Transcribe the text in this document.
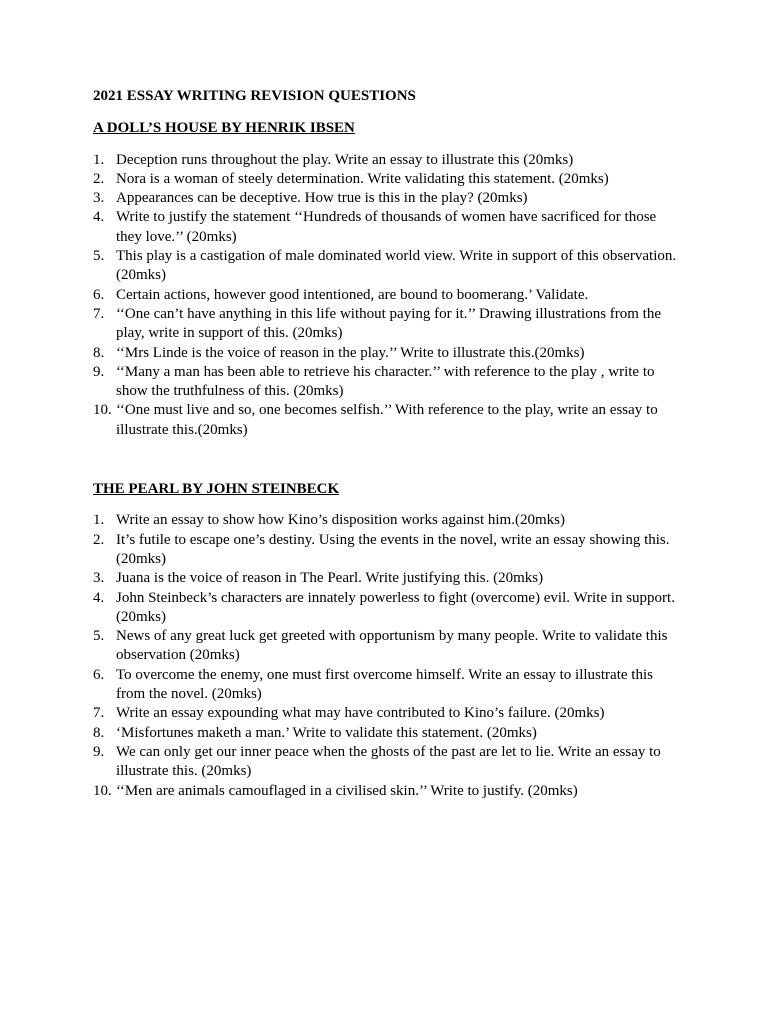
2021 ESSAY WRITING REVISION QUESTIONS
A DOLL’S HOUSE BY HENRIK IBSEN
1. Deception runs throughout the play. Write an essay to illustrate this (20mks)
2. Nora is a woman of steely determination. Write validating this statement. (20mks)
3. Appearances can be deceptive. How true is this in the play? (20mks)
4. Write to justify the statement ‘‘Hundreds of thousands of women have sacrificed for those they love.’’ (20mks)
5. This play is a castigation of male dominated world view. Write in support of this observation. (20mks)
6. Certain actions, however good intentioned, are bound to boomerang.’ Validate.
7. ‘‘One can’t have anything in this life without paying for it.’’ Drawing illustrations from the play, write in support of this. (20mks)
8. ‘‘Mrs Linde is the voice of reason in the play.’’ Write to illustrate this.(20mks)
9. ‘‘Many a man has been able to retrieve his character.’’ with reference to the play , write to show the truthfulness of this. (20mks)
10. ‘‘One must live and so, one becomes selfish.’’ With reference to the play, write an essay to illustrate this.(20mks)
THE PEARL BY JOHN STEINBECK
1. Write an essay to show how Kino’s disposition works against him.(20mks)
2. It’s futile to escape one’s destiny. Using the events in the novel, write an essay showing this. (20mks)
3. Juana is the voice of reason in The Pearl. Write justifying this. (20mks)
4. John Steinbeck’s characters are innately powerless to fight (overcome) evil. Write in support. (20mks)
5. News of any great luck get greeted with opportunism by many people. Write to validate this observation (20mks)
6. To overcome the enemy, one must first overcome himself. Write an essay to illustrate this from the novel. (20mks)
7. Write an essay expounding what may have contributed to Kino’s failure. (20mks)
8. ‘Misfortunes maketh a man.’ Write to validate this statement. (20mks)
9. We can only get our inner peace when the ghosts of the past are let to lie. Write an essay to illustrate this. (20mks)
10. ‘‘Men are animals camouflaged in a civilised skin.’’ Write to justify. (20mks)
